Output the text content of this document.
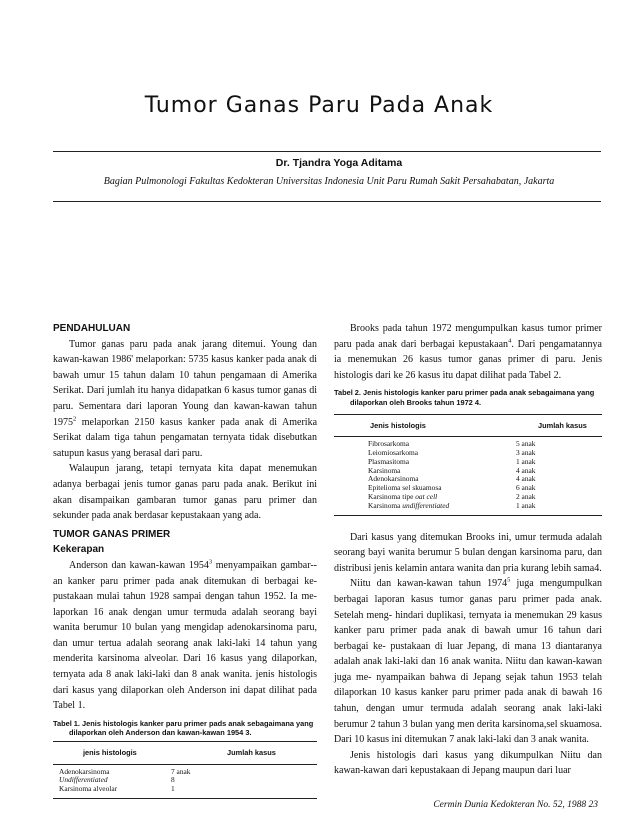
Tumor Ganas Paru Pada Anak
Dr. Tjandra Yoga Aditama
Bagian Pulmonologi Fakultas Kedokteran Universitas Indonesia Unit Paru Rumah Sakit Persahabatan, Jakarta

PENDAHULUAN

Tumor ganas paru pada anak jarang ditemui. Young dan kawan-kawan 1986' melaporkan: 5735 kasus kanker pada anak di bawah umur 15 tahun dalam 10 tahun pengamaan di Amerika Serikat. Dari jumlah itu hanya didapatkan 6 kasus tumor ganas di paru. Sementara dari laporan Young dan kawan-kawan tahun 1975$^2$ melaporkan 2150 kasus kanker pada anak di Amerika Serikat dalam tiga tahun pengamatan ternyata tidak disebutkan satupun kasus yang berasal dari paru.

Walaupun jarang, tetapi ternyata kita dapat menemukan adanya berbagai jenis tumor ganas paru pada anak. Berikut ini akan disampaikan gambaran tumor ganas paru primer dan sekunder pada anak berdasar kepustakaan yang ada.

TUMOR GANAS PRIMER

Kekerapan

Anderson dan kawan-kawan 1954$^3$ menyampaikan gambar-- an kanker paru primer pada anak ditemukan di berbagai ke- pustakaan mulai tahun 1928 sampai dengan tahun 1952. Ia me- laporkan 16 anak dengan umur termuda adalah seorang bayi wanita berumur 10 bulan yang mengidap adenokarsinoma paru, dan umur tertua adalah seorang anak laki-laki 14 tahun yang menderita karsinoma alveolar. Dari 16 kasus yang dilaporkan, ternyata ada 8 anak laki-laki dan 8 anak wanita. jenis histologis dari kasus yang dilaporkan oleh Anderson ini dapat dilihat pada Tabel 1.

Tabel 1. Jenis histologis kanker paru primer pads anak sebagaimana yang dilaporkan oleh Anderson dan kawan-kawan 1954 3.

jenis histologis	Jumlah kasus
Adenokarsinoma
Undifferentiated
Karsinoma alveolar
7 anak
8
1

Brooks pada tahun 1972 mengumpulkan kasus tumor primer paru pada anak dari berbagai kepustakaan$^4$. Dari pengamatannya ia menemukan 26 kasus tumor ganas primer di paru. Jenis histologis dari ke 26 kasus itu dapat dilihat pada Tabel 2.

Tabel 2. Jenis histologis kanker paru primer pada anak sebagaimana yang dilaporkan oleh Brooks tahun 1972 4.

Jenis histologis	Jumlah kasus
Fibrosarkoma
Leiomiosarkoma
Plasmasitoma
Karsinoma
Adenokarsinoma
Epitelioma sel skuamosa
Karsinoma tipe oat cell
Karsinoma undifferentiated
5 anak
3 anak
1 anak
4 anak
4 anak
6 anak
2 anak
1 anak

Dari kasus yang ditemukan Brooks ini, umur termuda adalah seorang bayi wanita berumur 5 bulan dengan karsinoma paru, dan distribusi jenis kelamin antara wanita dan pria kurang lebih sama4.

Niitu dan kawan-kawan tahun 1974$^5$ juga mengumpulkan berbagai laporan kasus tumor ganas paru primer pada anak. Setelah meng- hindari duplikasi, ternyata ia menemukan 29 kasus kanker paru primer pada anak di bawah umur 16 tahun dari berbagai ke- pustakaan di luar Jepang, di mana 13 diantaranya adalah anak laki-laki dan 16 anak wanita. Niitu dan kawan-kawan juga me- nyampaikan bahwa di Jepang sejak tahun 1953 telah dilaporkan 10 kasus kanker paru primer pada anak di bawah 16 tahun, dengan umur termuda adalah seorang anak laki-laki berumur 2 tahun 3 bulan yang men derita karsinoma,sel skuamosa. Dari 10 kasus ini ditemukan 7 anak laki-laki dan 3 anak wanita.

Jenis histologis dari kasus yang dikumpulkan Niitu dan kawan-kawan dari kepustakaan di Jepang maupun dari luar

Cermin Dunia Kedokteran No. 52, 1988 23
